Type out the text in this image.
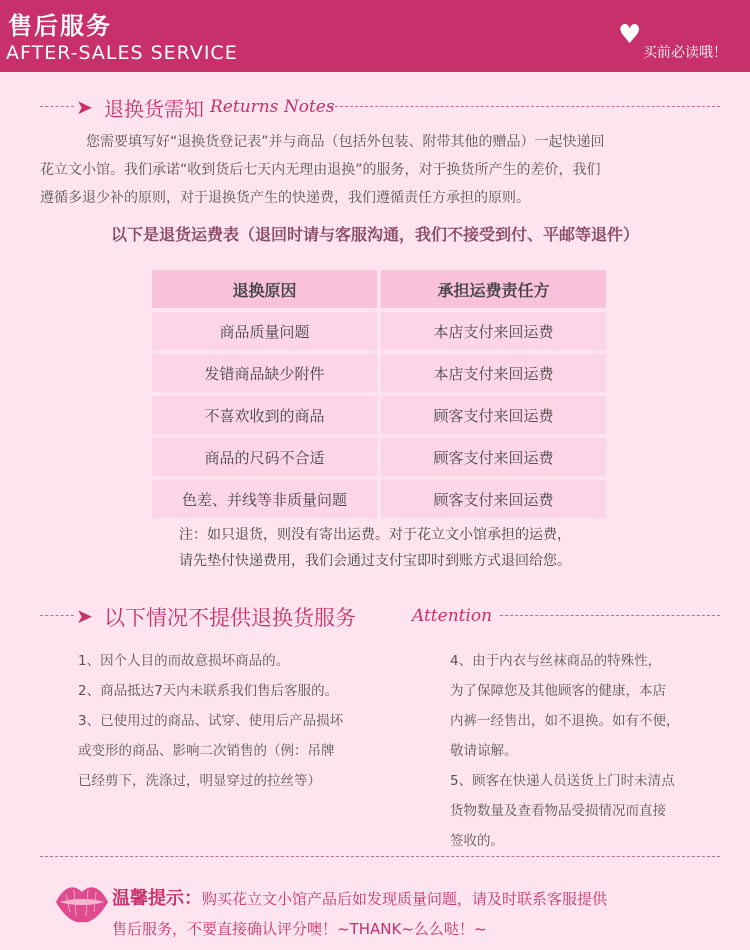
售后服务
AFTER-SALES SERVICE
♥
买前必读哦！
➤ 退换货需知 Returns Notes
您需要填写好“退换货登记表”并与商品（包括外包装、附带其他的赠品）一起快递回
花立文小馆。我们承诺“收到货后七天内无理由退换”的服务，对于换货所产生的差价，我们
遵循多退少补的原则，对于退换货产生的快递费，我们遵循责任方承担的原则。
以下是退货运费表（退回时请与客服沟通，我们不接受到付、平邮等退件）
退换原因	承担运费责任方
商品质量问题	本店支付来回运费
发错商品缺少附件	本店支付来回运费
不喜欢收到的商品	顾客支付来回运费
商品的尺码不合适	顾客支付来回运费
色差、并线等非质量问题	顾客支付来回运费
注：如只退货，则没有寄出运费。对于花立文小馆承担的运费，
请先垫付快递费用，我们会通过支付宝即时到账方式退回给您。
➤ 以下情况不提供退换货服务	Attention

1、因个人目的而故意损坏商品的。

2、商品抵达7天内未联系我们售后客服的。

3、已使用过的商品、试穿、使用后产品损坏

或变形的商品、影响二次销售的（例：吊牌

已经剪下，洗涤过，明显穿过的拉丝等）

4、由于内衣与丝袜商品的特殊性，

为了保障您及其他顾客的健康，本店

内裤一经售出，如不退换。如有不便，

敬请谅解。

5、顾客在快递人员送货上门时未清点

货物数量及查看物品受损情况而直接

签收的。

温馨提示：购买花立文小馆产品后如发现质量问题，请及时联系客服提供
售后服务，不要直接确认评分噢！~THANK~么么哒！~
